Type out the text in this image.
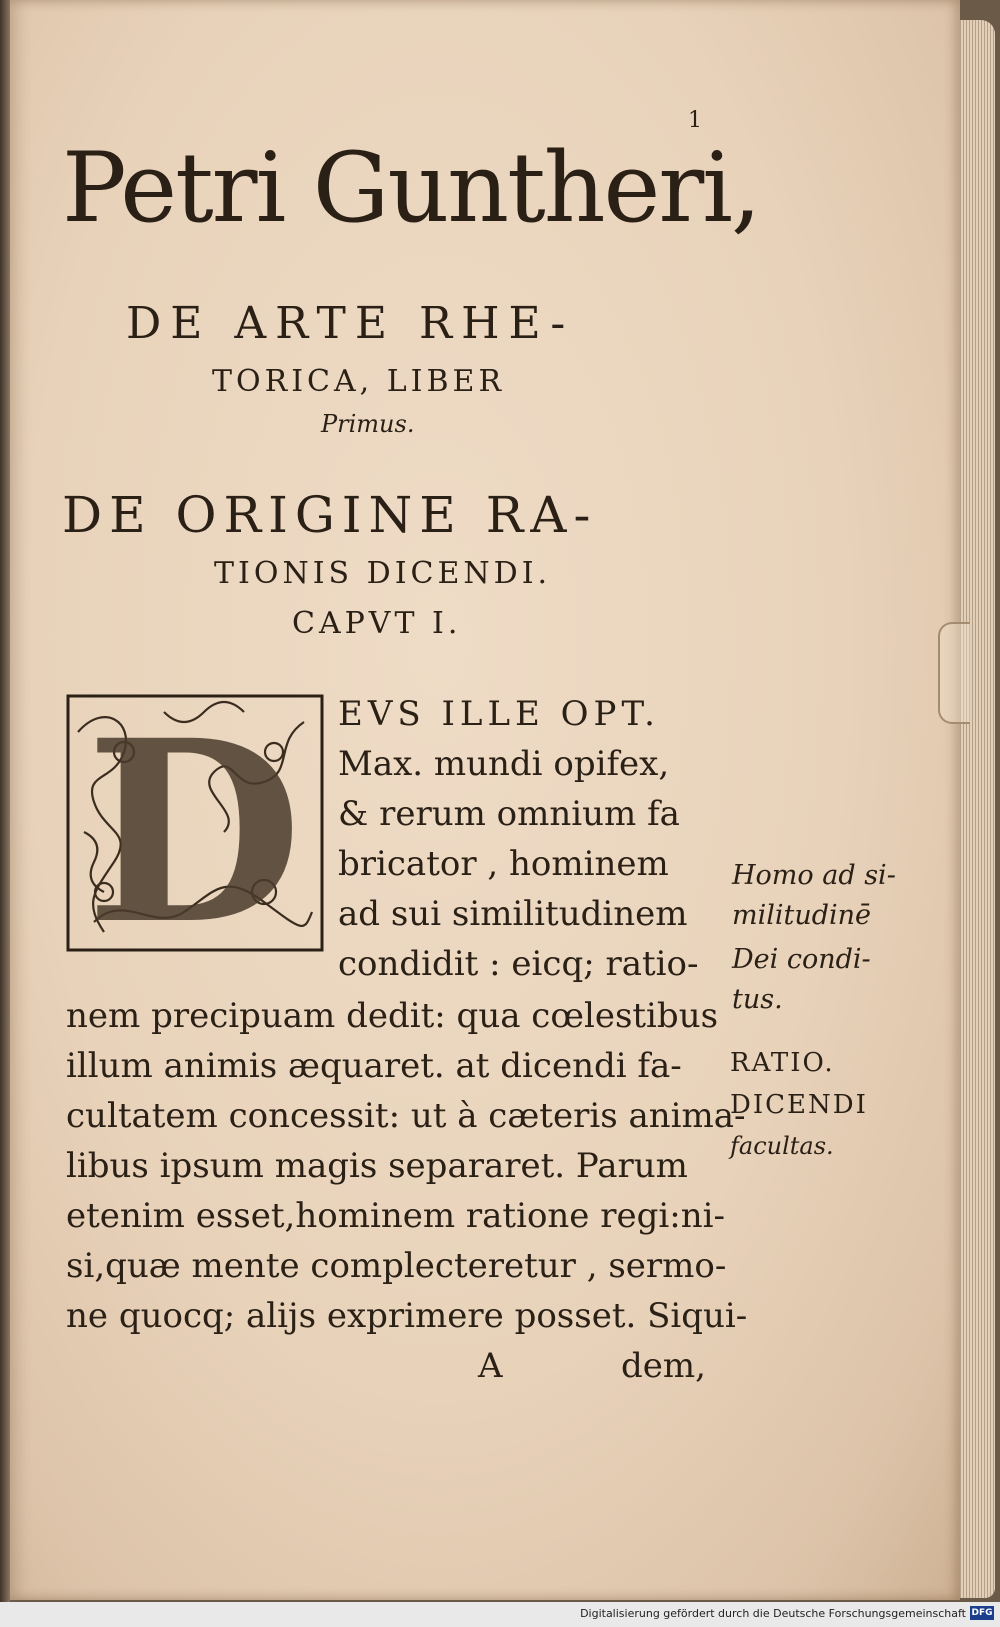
1
Petri Guntheri,
DE ARTE RHE-
TORICA, LIBER
Primus.
DE ORIGINE RA-
TIONIS DICENDI.
CAPVT I.
D EVS ILLE OPT.
Max. mundi opifex,
& rerum omnium fa
bricator , hominem
ad sui similitudinem
condidit : eicq; ratio-
nem precipuam dedit: qua cœlestibus
illum animis æquaret. at dicendi fa-
cultatem concessit: ut à cæteris anima-
libus ipsum magis separaret. Parum
etenim esset,hominem ratione regi:ni-
si,quæ mente complecteretur , sermo-
ne quocq; alijs exprimere posset. Siqui-
A	dem,
Homo ad si-
militudinē
Dei condi-
tus.
RATIO.
DICENDI
facultas.
Digitalisierung gefördert durch die Deutsche Forschungsgemeinschaft DFG
